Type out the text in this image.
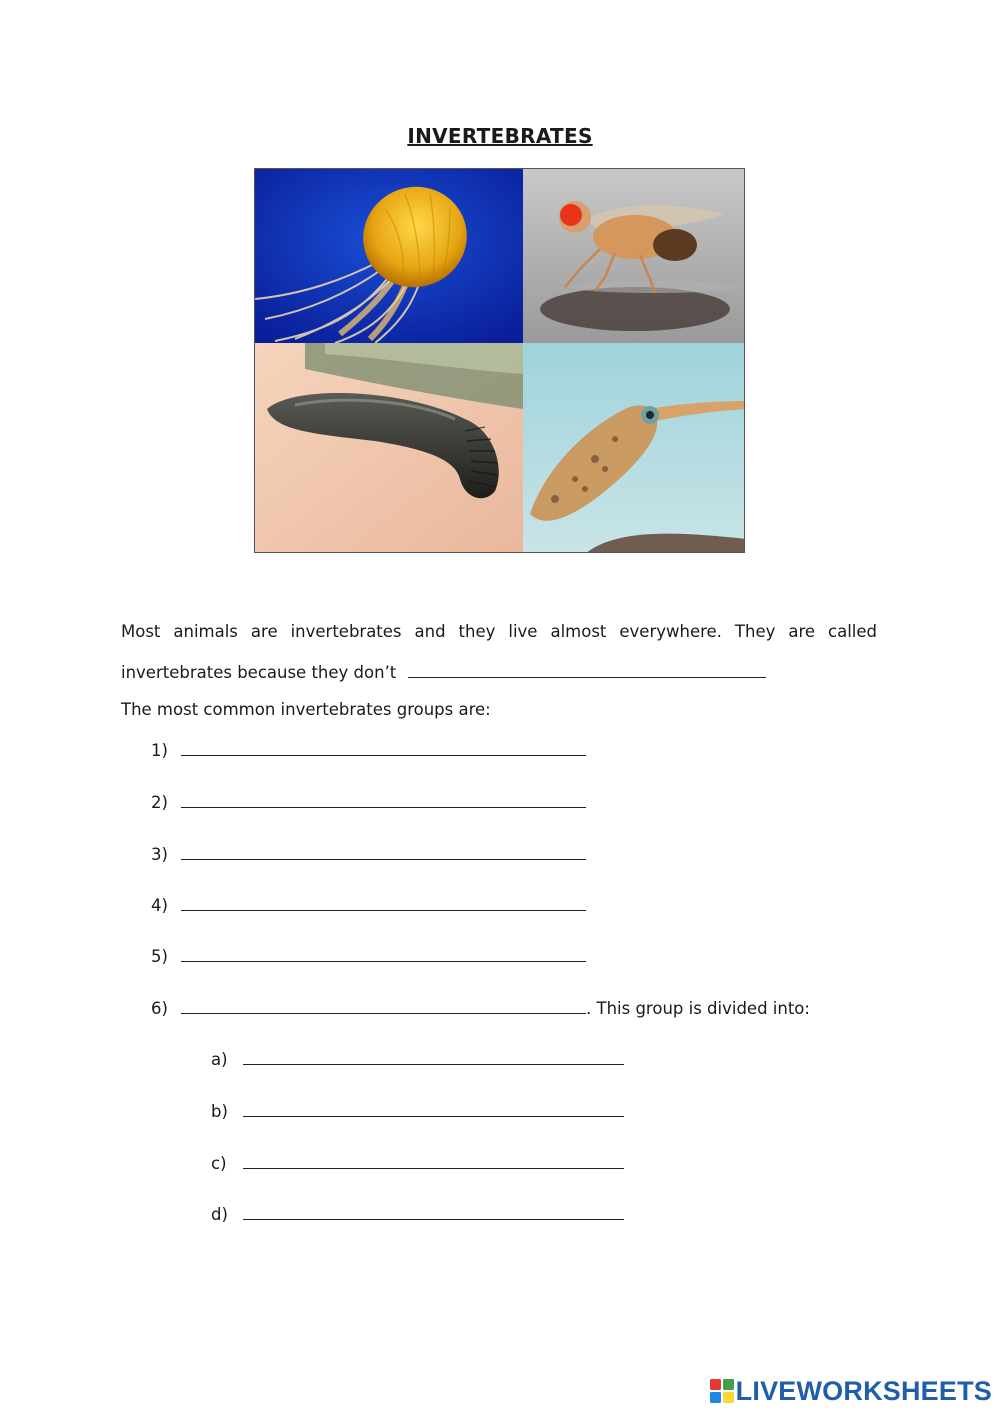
INVERTEBRATES
Most animals are invertebrates and they live almost everywhere. They are called
invertebrates because they don’t
The most common invertebrates groups are:
1)
2)
3)
4)
5)
6)	. This group is divided into:
a)
b)
c)
d)
LIVEWORKSHEETS
